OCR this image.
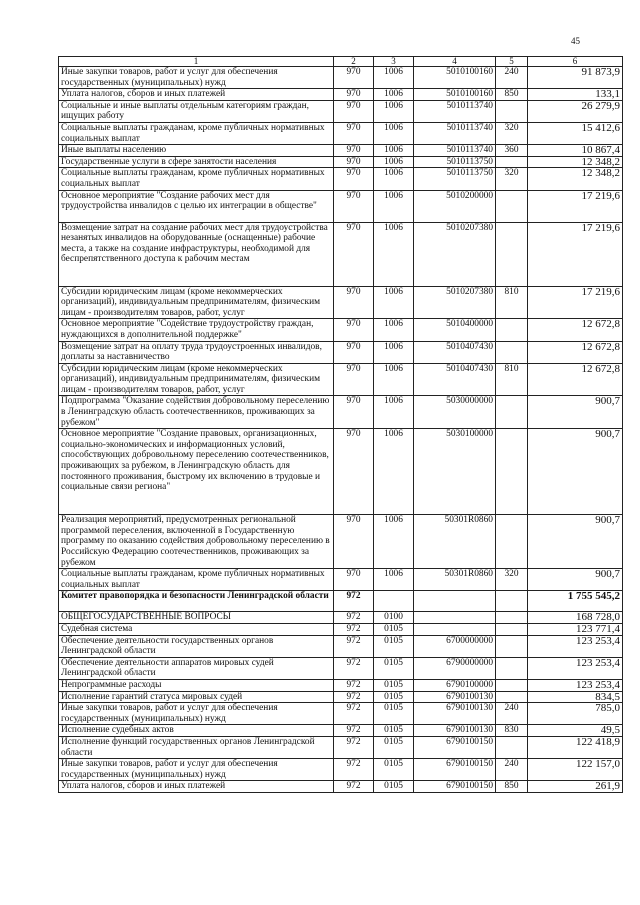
45
1	2	3	4	5	6
Иные закупки товаров, работ и услуг для обеспечения государственных (муниципальных) нужд	970	1006	5010100160	240	91 873,9
Уплата налогов, сборов и иных платежей	970	1006	5010100160	850	133,1
Социальные и иные выплаты отдельным категориям граждан, ищущих работу	970	1006	5010113740		26 279,9
Социальные выплаты гражданам, кроме публичных нормативных социальных выплат	970	1006	5010113740	320	15 412,6
Иные выплаты населению	970	1006	5010113740	360	10 867,4
Государственные услуги в сфере занятости населения	970	1006	5010113750		12 348,2
Социальные выплаты гражданам, кроме публичных нормативных социальных выплат	970	1006	5010113750	320	12 348,2
Основное мероприятие "Создание рабочих мест для трудоустройства инвалидов с целью их интеграции в обществе"	970	1006	5010200000		17 219,6
Возмещение затрат на создание рабочих мест для трудоустройства незанятых инвалидов на оборудованные (оснащенные) рабочие места, а также на создание инфраструктуры, необходимой для беспрепятственного доступа к рабочим местам	970	1006	5010207380		17 219,6
Субсидии юридическим лицам (кроме некоммерческих организаций), индивидуальным предпринимателям, физическим лицам - производителям товаров, работ, услуг	970	1006	5010207380	810	17 219,6
Основное мероприятие "Содействие трудоустройству граждан, нуждающихся в дополнительной поддержке"	970	1006	5010400000		12 672,8
Возмещение затрат на оплату труда трудоустроенных инвалидов, доплаты за наставничество	970	1006	5010407430		12 672,8
Субсидии юридическим лицам (кроме некоммерческих организаций), индивидуальным предпринимателям, физическим лицам - производителям товаров, работ, услуг	970	1006	5010407430	810	12 672,8
Подпрограмма "Оказание содействия добровольному переселению в Ленинградскую область соотечественников, проживающих за рубежом"	970	1006	5030000000		900,7
Основное мероприятие "Создание правовых, организационных, социально-экономических и информационных условий, способствующих добровольному переселению соотечественников, проживающих за рубежом, в Ленинградскую область для постоянного проживания, быстрому их включению в трудовые и социальные связи региона"	970	1006	5030100000		900,7
Реализация мероприятий, предусмотренных региональной программой переселения, включенной в Государственную программу по оказанию содействия добровольному переселению в Российскую Федерацию соотечественников, проживающих за рубежом	970	1006	50301R0860		900,7
Социальные выплаты гражданам, кроме публичных нормативных социальных выплат	970	1006	50301R0860	320	900,7
Комитет правопорядка и безопасности Ленинградской области	972				1 755 545,2
ОБЩЕГОСУДАРСТВЕННЫЕ ВОПРОСЫ	972	0100			168 728,0
Судебная система	972	0105			123 771,4
Обеспечение деятельности государственных органов Ленинградской области	972	0105	6700000000		123 253,4
Обеспечение деятельности аппаратов мировых судей Ленинградской области	972	0105	6790000000		123 253,4
Непрограммные расходы	972	0105	6790100000		123 253,4
Исполнение гарантий статуса мировых судей	972	0105	6790100130		834,5
Иные закупки товаров, работ и услуг для обеспечения государственных (муниципальных) нужд	972	0105	6790100130	240	785,0
Исполнение судебных актов	972	0105	6790100130	830	49,5
Исполнение функций государственных органов Ленинградской области	972	0105	6790100150		122 418,9
Иные закупки товаров, работ и услуг для обеспечения государственных (муниципальных) нужд	972	0105	6790100150	240	122 157,0
Уплата налогов, сборов и иных платежей	972	0105	6790100150	850	261,9
